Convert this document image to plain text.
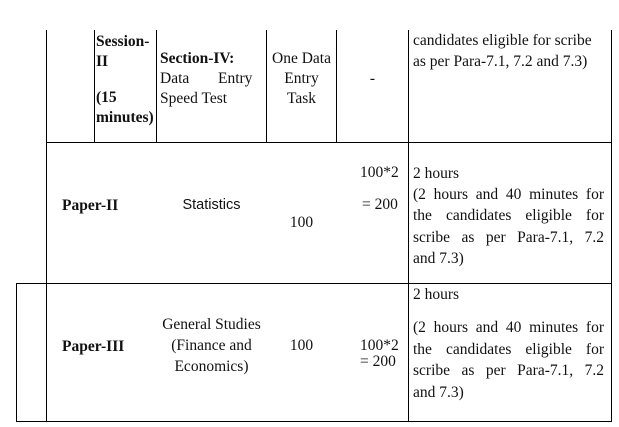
Session-
II
(15
minutes)
Section-IV:
Data Entry
Speed Test
One Data
Entry
Task
-
candidates eligible for scribe
as per Para-7.1, 7.2 and 7.3)
Paper-II	Statistics
100
100*2
= 200
2 hours
(2 hours and 40 minutes for
the candidates eligible for
scribe as per Para-7.1, 7.2
and 7.3)
Paper-III
General Studies
(Finance and
Economics)
100	100*2
= 200
2 hours
(2 hours and 40 minutes for
the candidates eligible for
scribe as per Para-7.1, 7.2
and 7.3)
